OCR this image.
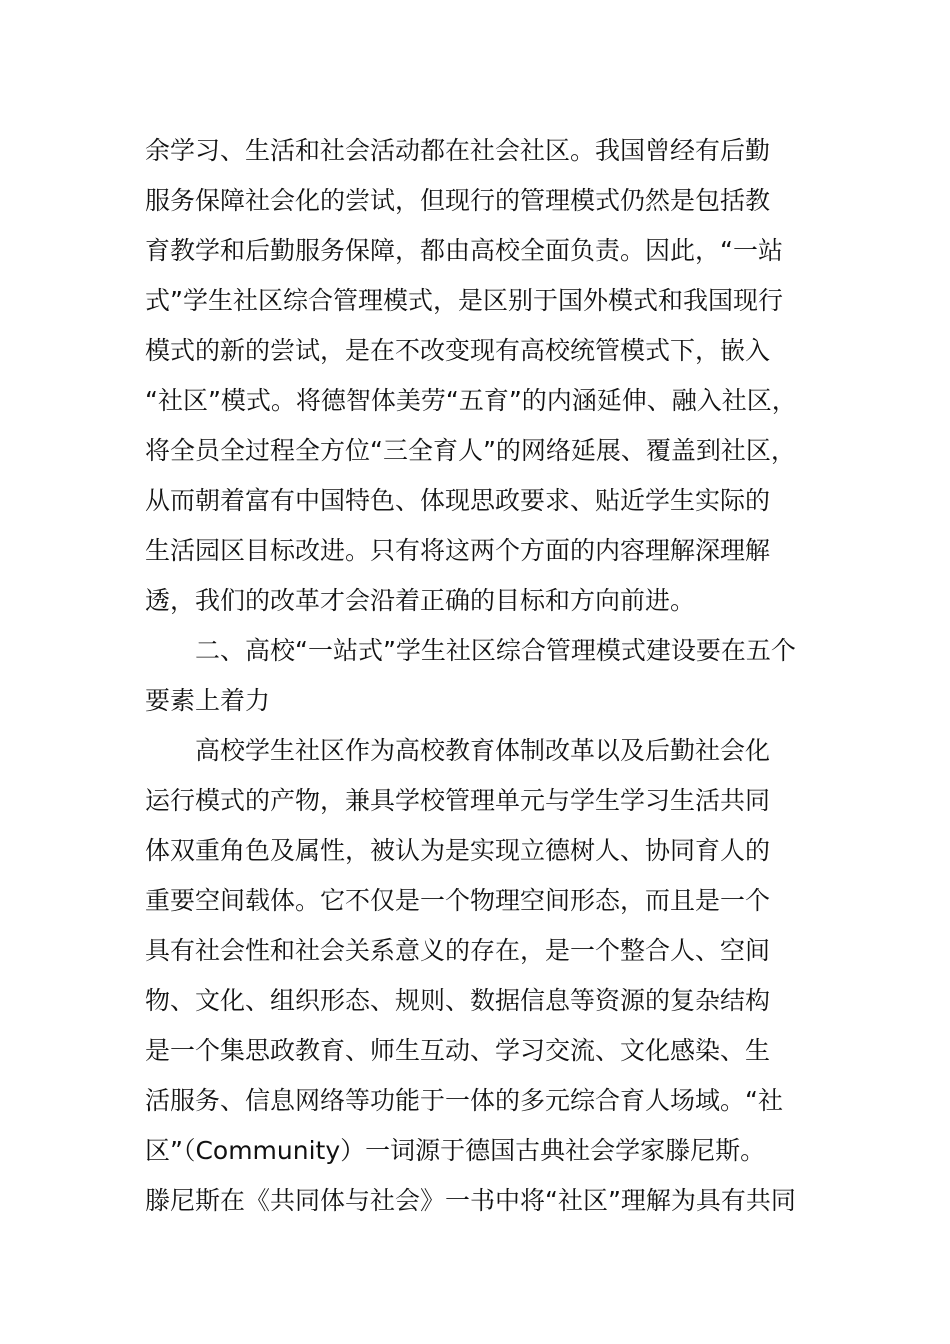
余学习、生活和社会活动都在社会社区。我国曾经有后勤
服务保障社会化的尝试，但现行的管理模式仍然是包括教
育教学和后勤服务保障，都由高校全面负责。因此，“一站
式”学生社区综合管理模式，是区别于国外模式和我国现行
模式的新的尝试，是在不改变现有高校统管模式下，嵌入
“社区”模式。将德智体美劳“五育”的内涵延伸、融入社区，
将全员全过程全方位“三全育人”的网络延展、覆盖到社区，
从而朝着富有中国特色、体现思政要求、贴近学生实际的
生活园区目标改进。只有将这两个方面的内容理解深理解
透，我们的改革才会沿着正确的目标和方向前进。
二、高校“一站式”学生社区综合管理模式建设要在五个
要素上着力
高校学生社区作为高校教育体制改革以及后勤社会化
运行模式的产物，兼具学校管理单元与学生学习生活共同
体双重角色及属性，被认为是实现立德树人、协同育人的
重要空间载体。它不仅是一个物理空间形态，而且是一个
具有社会性和社会关系意义的存在，是一个整合人、空间
物、文化、组织形态、规则、数据信息等资源的复杂结构
是一个集思政教育、师生互动、学习交流、文化感染、生
活服务、信息网络等功能于一体的多元综合育人场域。“社
区”（Community）一词源于德国古典社会学家滕尼斯。
滕尼斯在《共同体与社会》一书中将“社区”理解为具有共同
